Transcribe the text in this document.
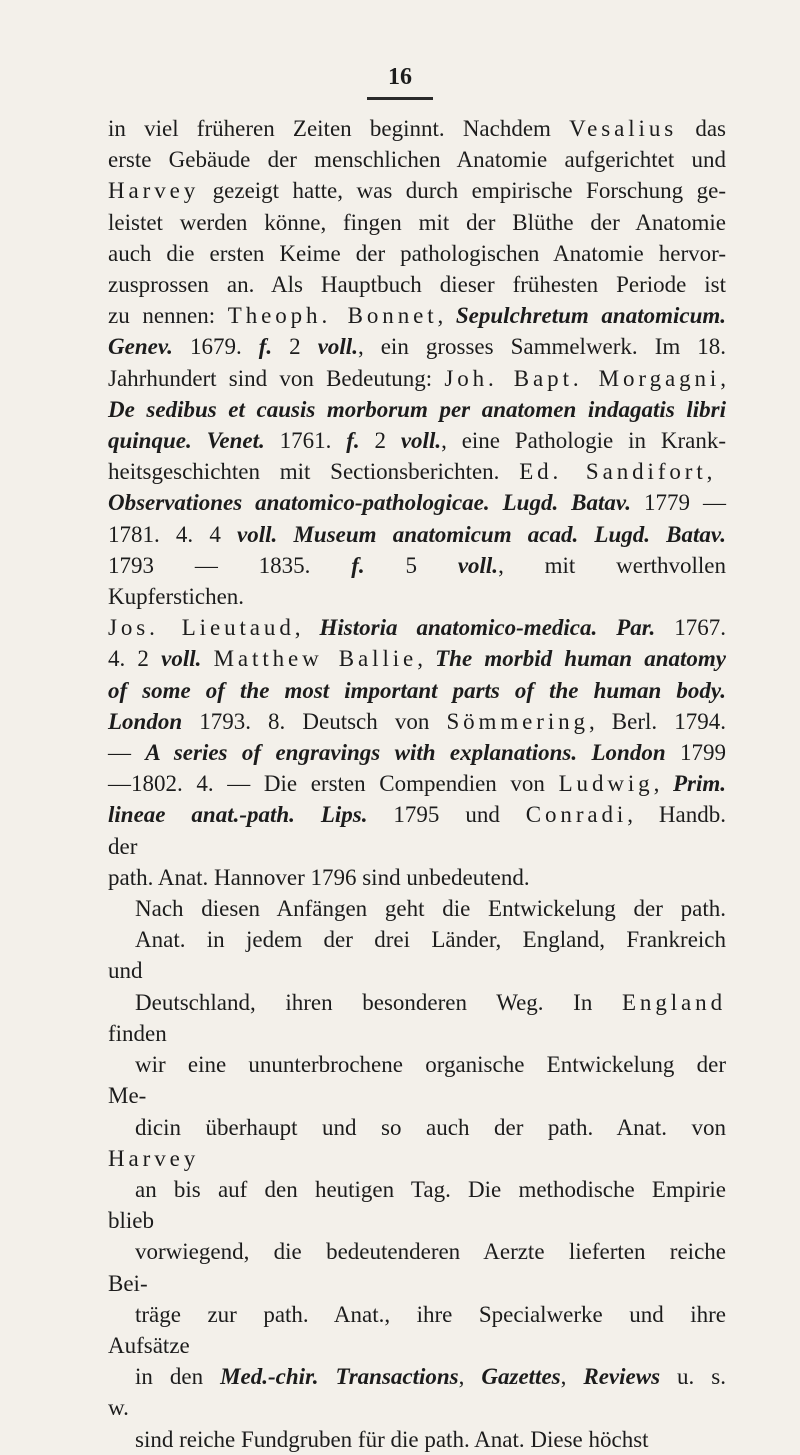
16
in viel früheren Zeiten beginnt. Nachdem Vesalius das
erste Gebäude der menschlichen Anatomie aufgerichtet und
Harvey gezeigt hatte, was durch empirische Forschung ge-
leistet werden könne, fingen mit der Blüthe der Anatomie
auch die ersten Keime der pathologischen Anatomie hervor-
zusprossen an. Als Hauptbuch dieser frühesten Periode ist
zu nennen: Theoph. Bonnet, Sepulchretum anatomicum.
Genev. 1679. f. 2 voll., ein grosses Sammelwerk. Im 18.
Jahrhundert sind von Bedeutung: Joh. Bapt. Morgagni,
De sedibus et causis morborum per anatomen indagatis libri
quinque. Venet. 1761. f. 2 voll., eine Pathologie in Krank-
heitsgeschichten mit Sectionsberichten. Ed. Sandifort,
Observationes anatomico-pathologicae. Lugd. Batav. 1779 —
1781. 4. 4 voll. Museum anatomicum acad. Lugd. Batav.
1793 — 1835. f. 5 voll., mit werthvollen Kupferstichen.
Jos. Lieutaud, Historia anatomico-medica. Par. 1767.
4. 2 voll. Matthew Ballie, The morbid human anatomy
of some of the most important parts of the human body.
London 1793. 8. Deutsch von Sömmering, Berl. 1794.
— A series of engravings with explanations. London 1799
—1802. 4. — Die ersten Compendien von Ludwig, Prim.
lineae anat.-path. Lips. 1795 und Conradi, Handb. der
path. Anat. Hannover 1796 sind unbedeutend.
Nach diesen Anfängen geht die Entwickelung der path.
Anat. in jedem der drei Länder, England, Frankreich und
Deutschland, ihren besonderen Weg. In England finden
wir eine ununterbrochene organische Entwickelung der Me-
dicin überhaupt und so auch der path. Anat. von Harvey
an bis auf den heutigen Tag. Die methodische Empirie blieb
vorwiegend, die bedeutenderen Aerzte lieferten reiche Bei-
träge zur path. Anat., ihre Specialwerke und ihre Aufsätze
in den Med.-chir. Transactions, Gazettes, Reviews u. s. w.
sind reiche Fundgruben für die path. Anat. Diese höchst
